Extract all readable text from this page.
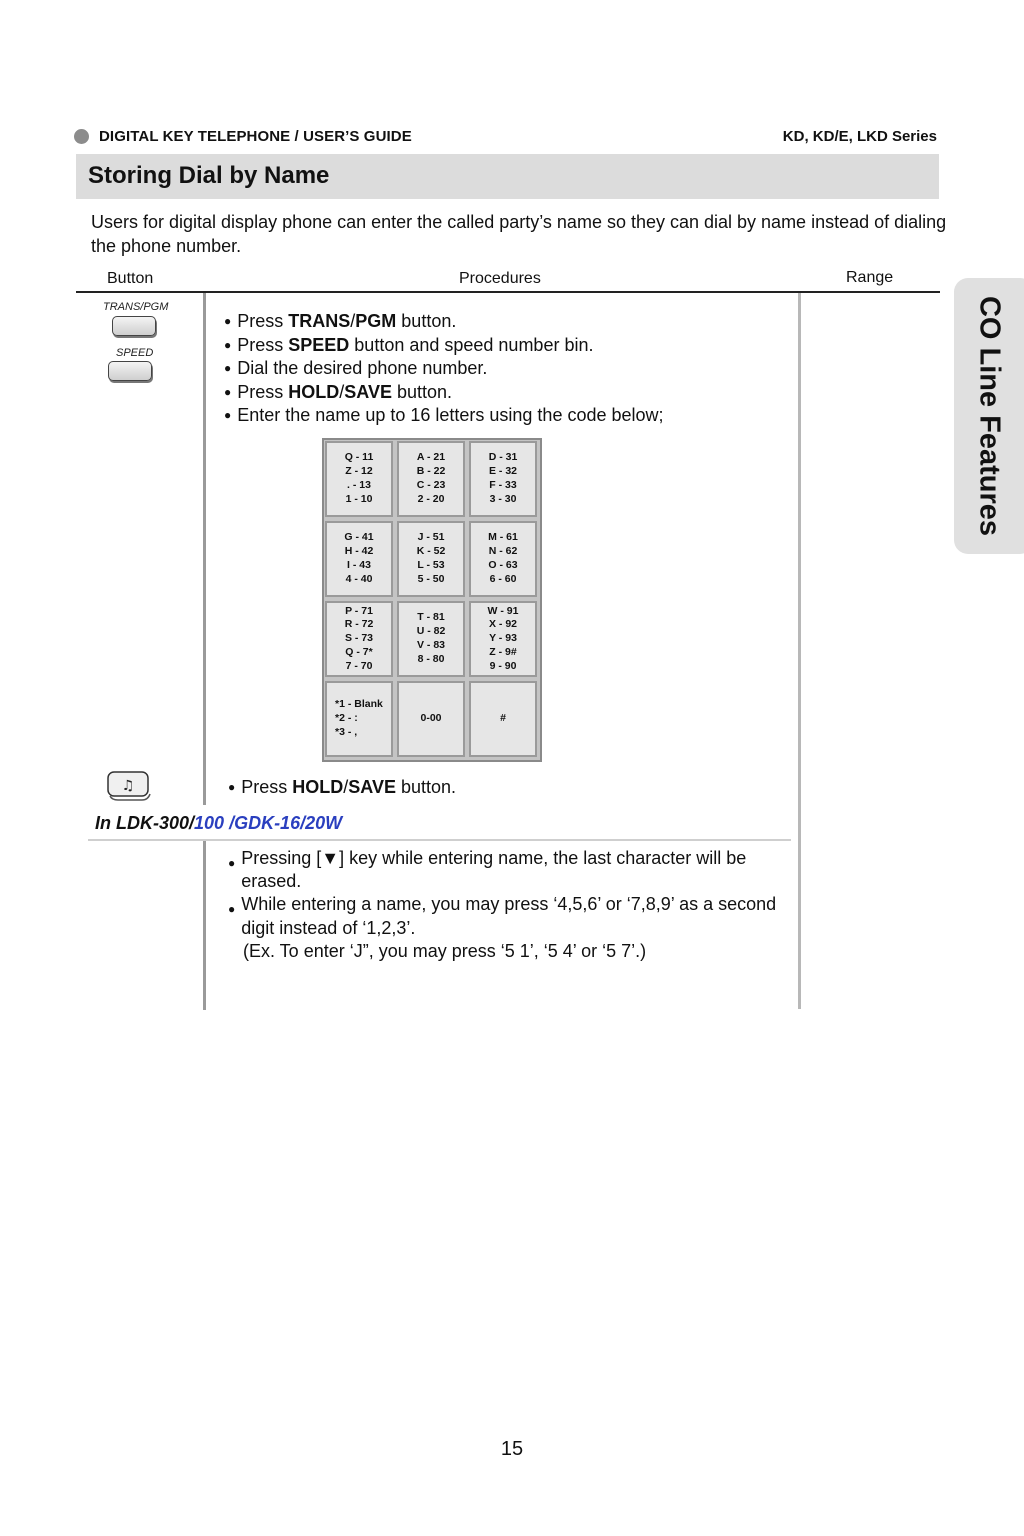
DIGITAL KEY TELEPHONE / USER’S GUIDE	KD, KD/E, LKD Series
Storing Dial by Name
Users for digital display phone can enter the called party’s name so they can dial by name instead of dialing the phone number.
Button	Procedures	Range
TRANS/PGM
SPEED
● Press TRANS/PGM button.
● Press SPEED button and speed number bin.
● Dial the desired phone number.
● Press HOLD/SAVE button.
● Enter the name up to 16 letters using the code below;
Q - 11
Z - 12
. - 13
1 - 10
A - 21
B - 22
C - 23
2 - 20
D - 31
E - 32
F - 33
3 - 30
G - 41
H - 42
I - 43
4 - 40
J - 51
K - 52
L - 53
5 - 50
M - 61
N - 62
O - 63
6 - 60
P - 71
R - 72
S - 73
Q - 7*
7 - 70
T - 81
U - 82
V - 83
8 - 80
W - 91
X - 92
Y - 93
Z - 9#
9 - 90
*1 - Blank
*2 - :
*3 - ,
0-00	#
♫	● Press HOLD/SAVE button.
In LDK-300/100 /GDK-16/20W
● Pressing [▼] key while entering name, the last character will be erased.
● While entering a name, you may press ‘4,5,6’ or ‘7,8,9’ as a second digit instead of ‘1,2,3’.
(Ex. To enter ‘J”, you may press ‘5 1’, ‘5 4’ or ‘5 7’.)
CO Line Features
15
